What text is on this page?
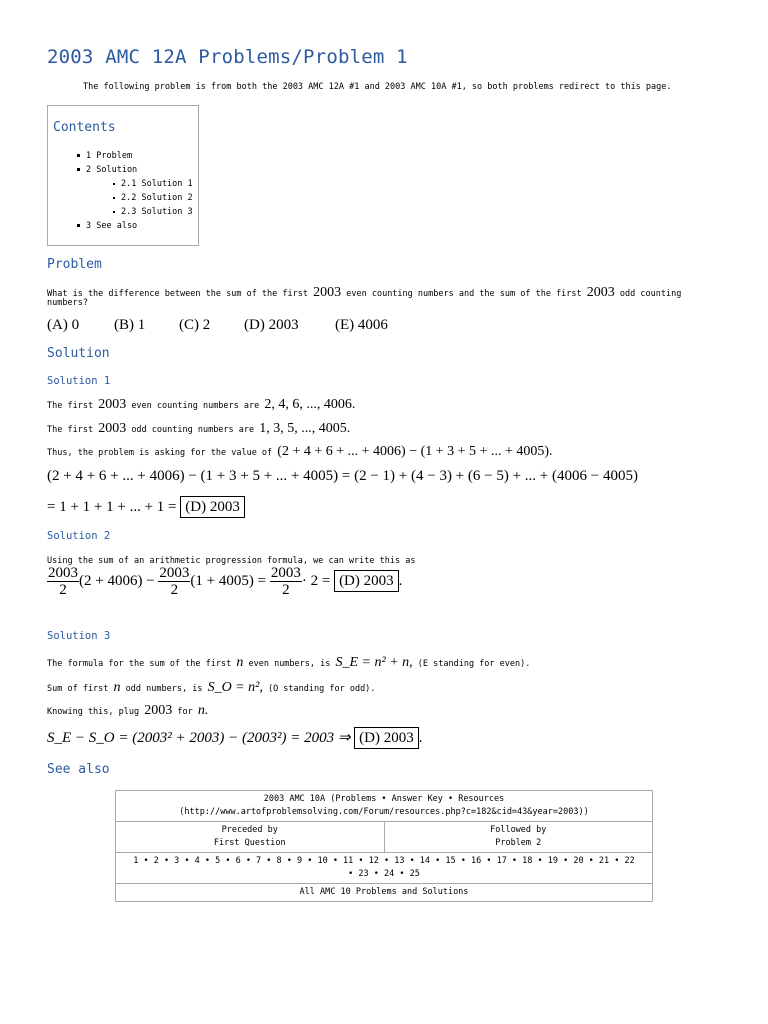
2003 AMC 12A Problems/Problem 1
The following problem is from both the 2003 AMC 12A #1 and 2003 AMC 10A #1, so both problems redirect to this page.
Contents
1 Problem
2 Solution
2.1 Solution 1
2.2 Solution 2
2.3 Solution 3
3 See also
Problem
What is the difference between the sum of the first 2003 even counting numbers and the sum of the first 2003 odd counting
numbers?
(A) 0 (B) 1 (C) 2 (D) 2003 (E) 4006
Solution
Solution 1
The first 2003 even counting numbers are 2, 4, 6, ..., 4006.
The first 2003 odd counting numbers are 1, 3, 5, ..., 4005.
Thus, the problem is asking for the value of (2 + 4 + 6 + ... + 4006) − (1 + 3 + 5 + ... + 4005).
(2 + 4 + 6 + ... + 4006) − (1 + 3 + 5 + ... + 4005) = (2 − 1) + (4 − 3) + (6 − 5) + ... + (4006 − 4005)
= 1 + 1 + 1 + ... + 1 = (D) 2003
Solution 2
Using the sum of an arithmetic progression formula, we can write this as
$\frac{2003}{2} (2 + 4006) - \frac{2003}{2} (1 + 4005) = \frac{2003}{2} \cdot 2 = (D)$ 2003 .
Solution 3
The formula for the sum of the first n even numbers, is S_E = n² + n, (E standing for even).
Sum of first n odd numbers, is S_O = n², (O standing for odd).
Knowing this, plug 2003 for n.
S_E − S_O = (2003² + 2003) − (2003²) = 2003 ⇒ (D) 2003 .
See also
2003 AMC 10A (Problems • Answer Key • Resources
(http://www.artofproblemsolving.com/Forum/resources.php?c=182&cid=43&year=2003))

Preceded by
First Question

Followed by
Problem 2

1 • 2 • 3 • 4 • 5 • 6 • 7 • 8 • 9 • 10 • 11 • 12 • 13 • 14 • 15 • 16 • 17 • 18 • 19 • 20 • 21 • 22
• 23 • 24 • 25

All AMC 10 Problems and Solutions
